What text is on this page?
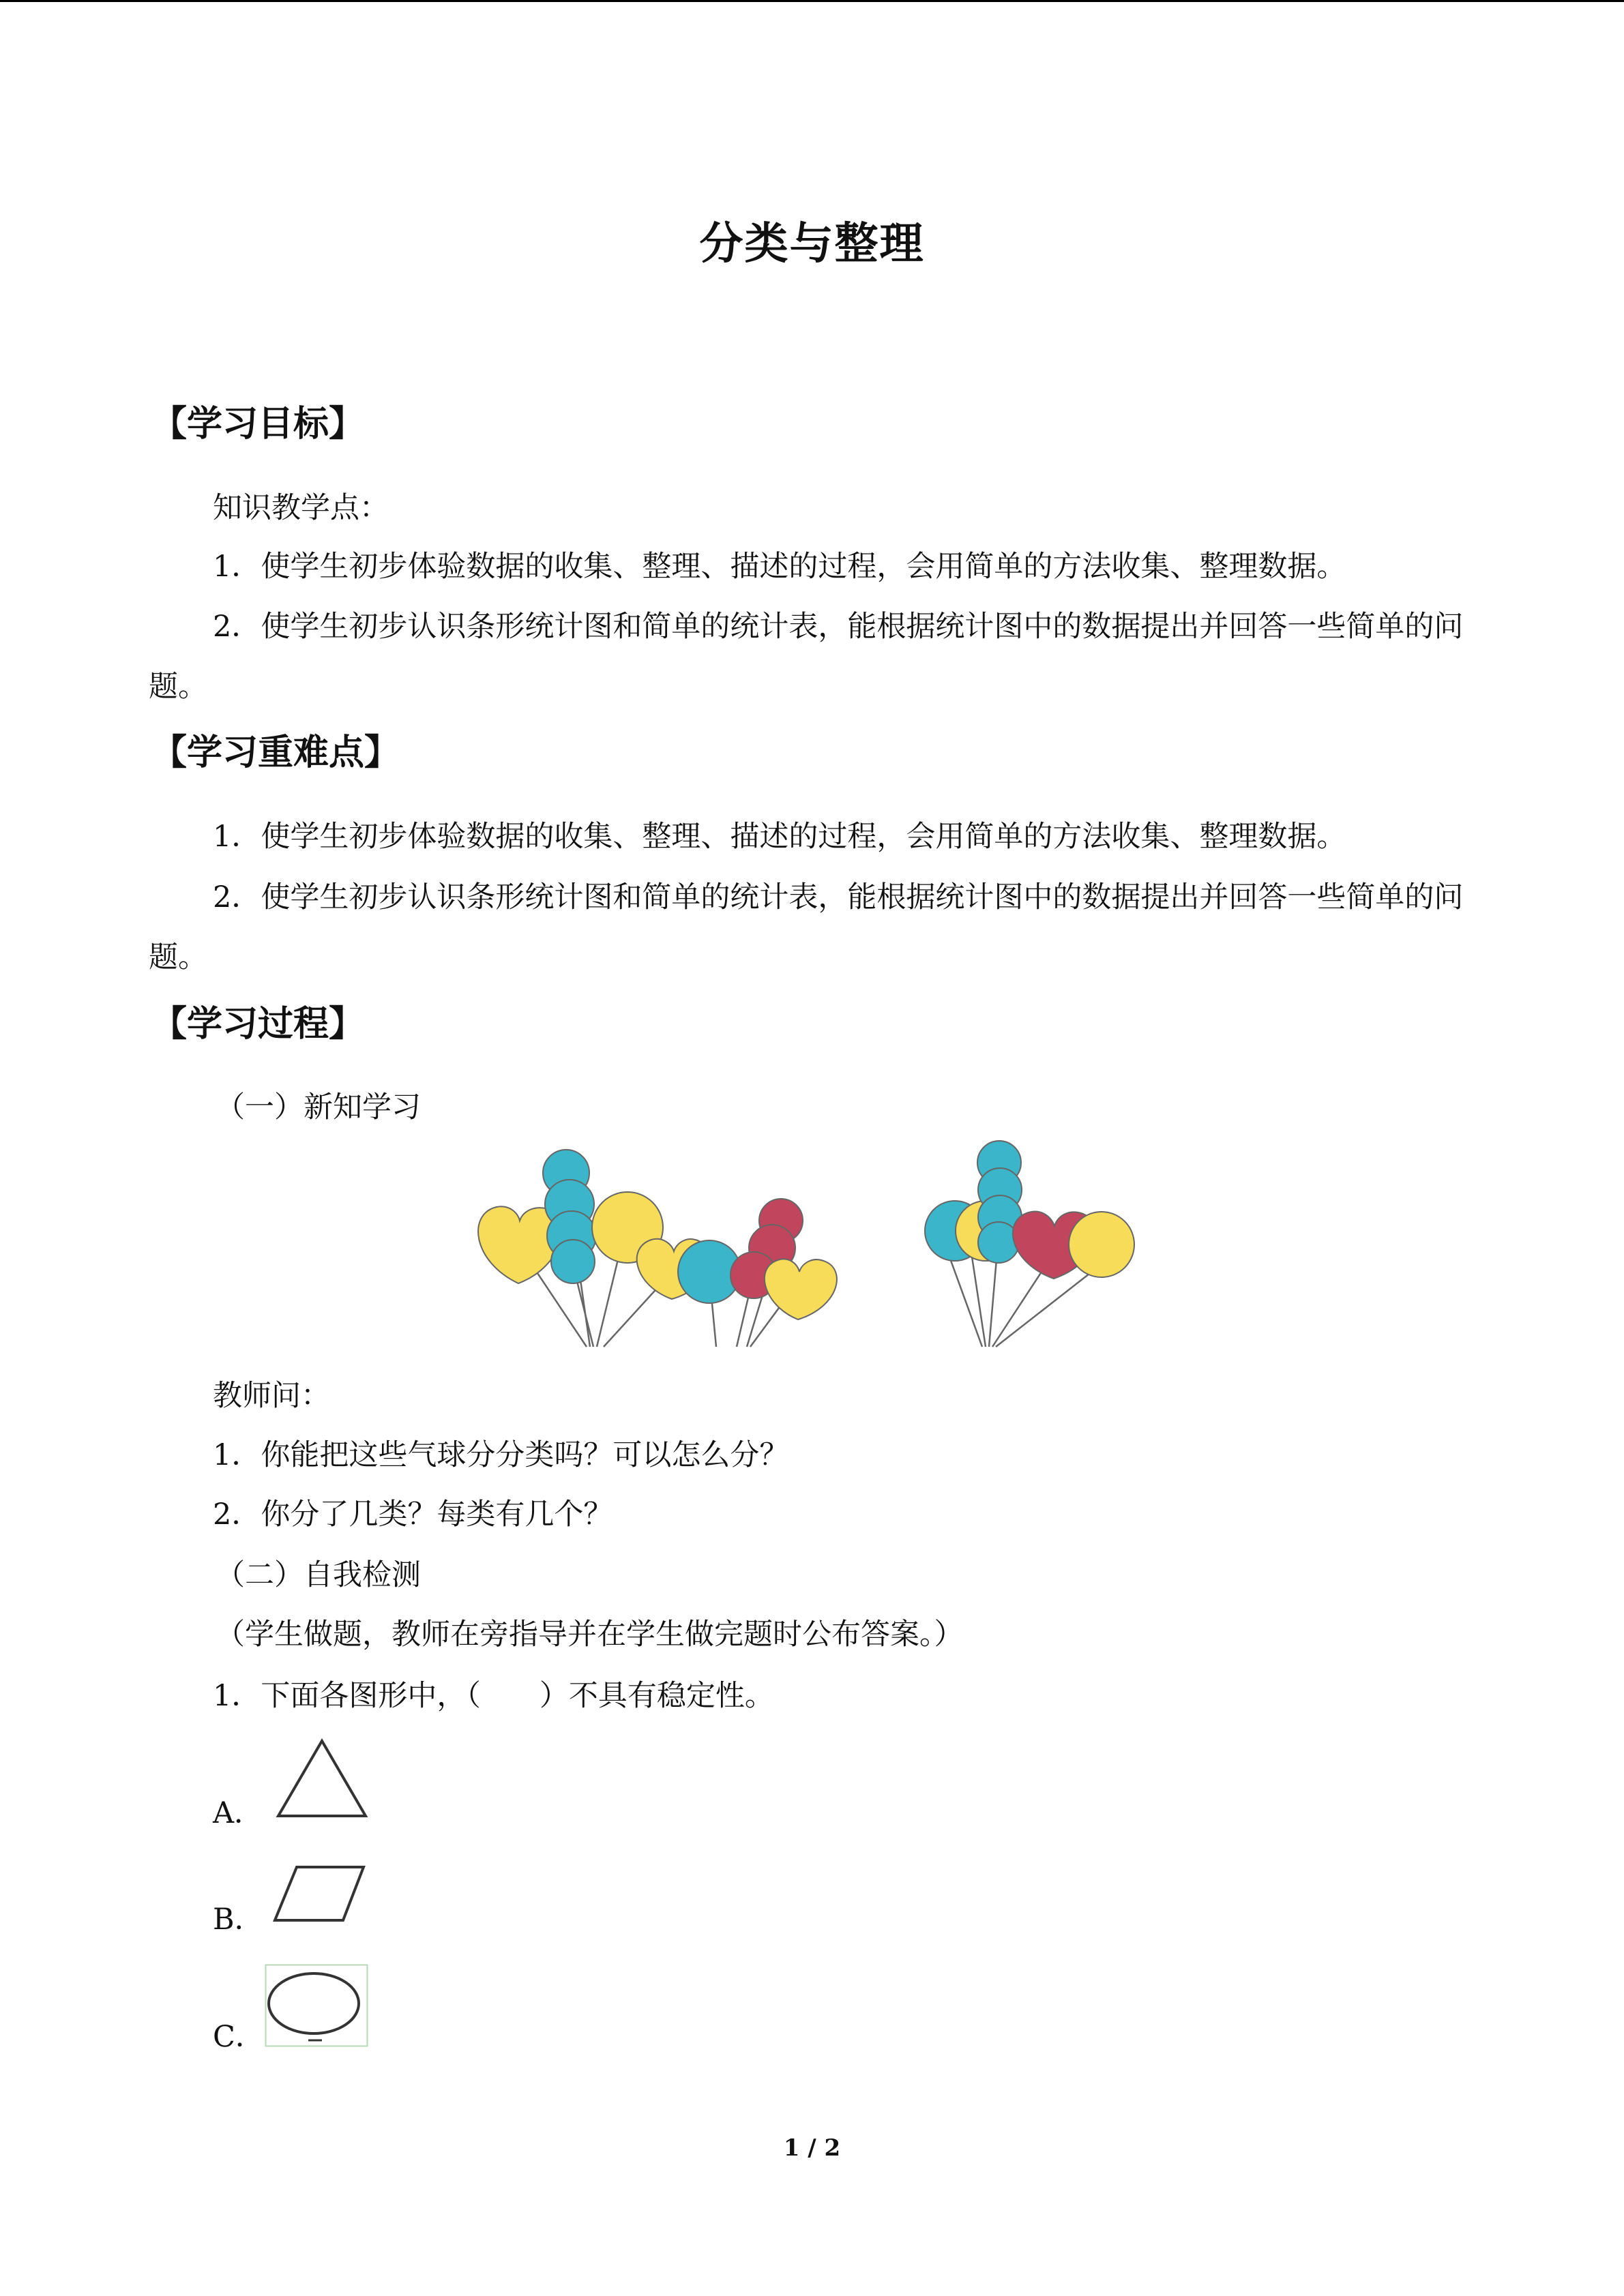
分类与整理
【学习目标】
知识教学点：
1．使学生初步体验数据的收集、整理、描述的过程，会用简单的方法收集、整理数据。
2．使学生初步认识条形统计图和简单的统计表，能根据统计图中的数据提出并回答一些简单的问题。
【学习重难点】
1．使学生初步体验数据的收集、整理、描述的过程，会用简单的方法收集、整理数据。
2．使学生初步认识条形统计图和简单的统计表，能根据统计图中的数据提出并回答一些简单的问题。
【学习过程】
（一）新知学习
教师问：
1．你能把这些气球分分类吗？可以怎么分？
2．你分了几类？每类有几个？
（二）自我检测
（学生做题，教师在旁指导并在学生做完题时公布答案。）
1．下面各图形中，（　　）不具有稳定性。
A．
B．
C．
1 / 2
